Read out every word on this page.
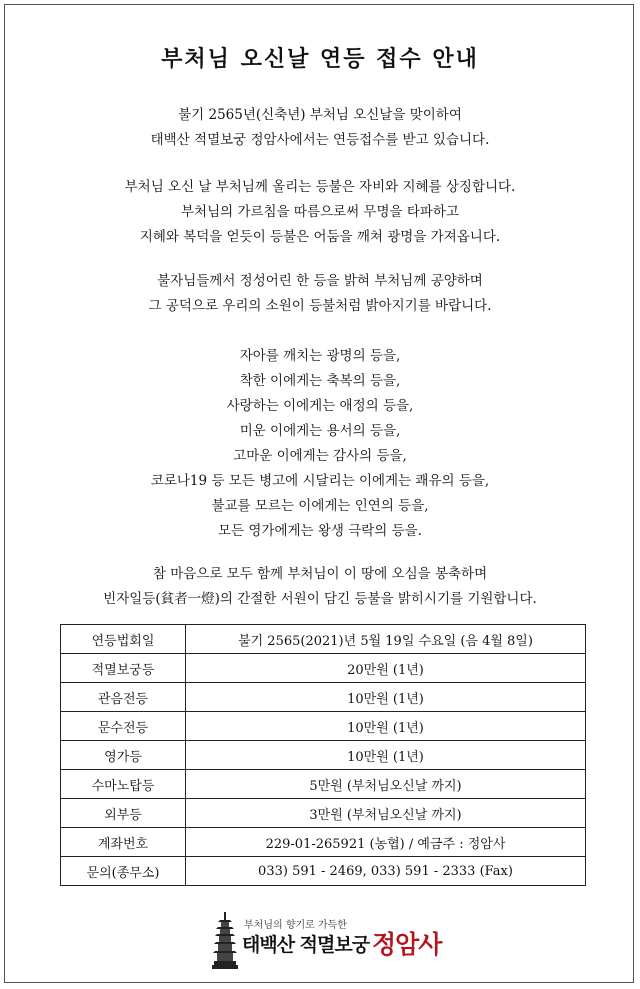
부처님 오신날 연등 접수 안내
불기 2565년(신축년) 부처님 오신날을 맞이하여
태백산 적멸보궁 정암사에서는 연등접수를 받고 있습니다.
부처님 오신 날 부처님께 올리는 등불은 자비와 지혜를 상징합니다.
부처님의 가르침을 따름으로써 무명을 타파하고
지혜와 복덕을 얻듯이 등불은 어둠을 깨쳐 광명을 가져옵니다.
불자님들께서 정성어린 한 등을 밝혀 부처님께 공양하며
그 공덕으로 우리의 소원이 등불처럼 밝아지기를 바랍니다.
자아를 깨치는 광명의 등을,
착한 이에게는 축복의 등을,
사랑하는 이에게는 애정의 등을,
미운 이에게는 용서의 등을,
고마운 이에게는 감사의 등을,
코로나19 등 모든 병고에 시달리는 이에게는 쾌유의 등을,
불교를 모르는 이에게는 인연의 등을,
모든 영가에게는 왕생 극락의 등을.
참 마음으로 모두 함께 부처님이 이 땅에 오심을 봉축하며
빈자일등(貧者一燈)의 간절한 서원이 담긴 등불을 밝히시기를 기원합니다.
연등법회일	불기 2565(2021)년 5월 19일 수요일 (음 4월 8일)
적멸보궁등	20만원 (1년)
관음전등	10만원 (1년)
문수전등	10만원 (1년)
영가등	10만원 (1년)
수마노탑등	5만원 (부처님오신날 까지)
외부등	3만원 (부처님오신날 까지)
계좌번호	229-01-265921 (농협) / 예금주 : 정암사
문의(종무소)	033) 591 - 2469, 033) 591 - 2333 (Fax)
부처님의 향기로 가득한
태백산 적멸보궁 정암사
